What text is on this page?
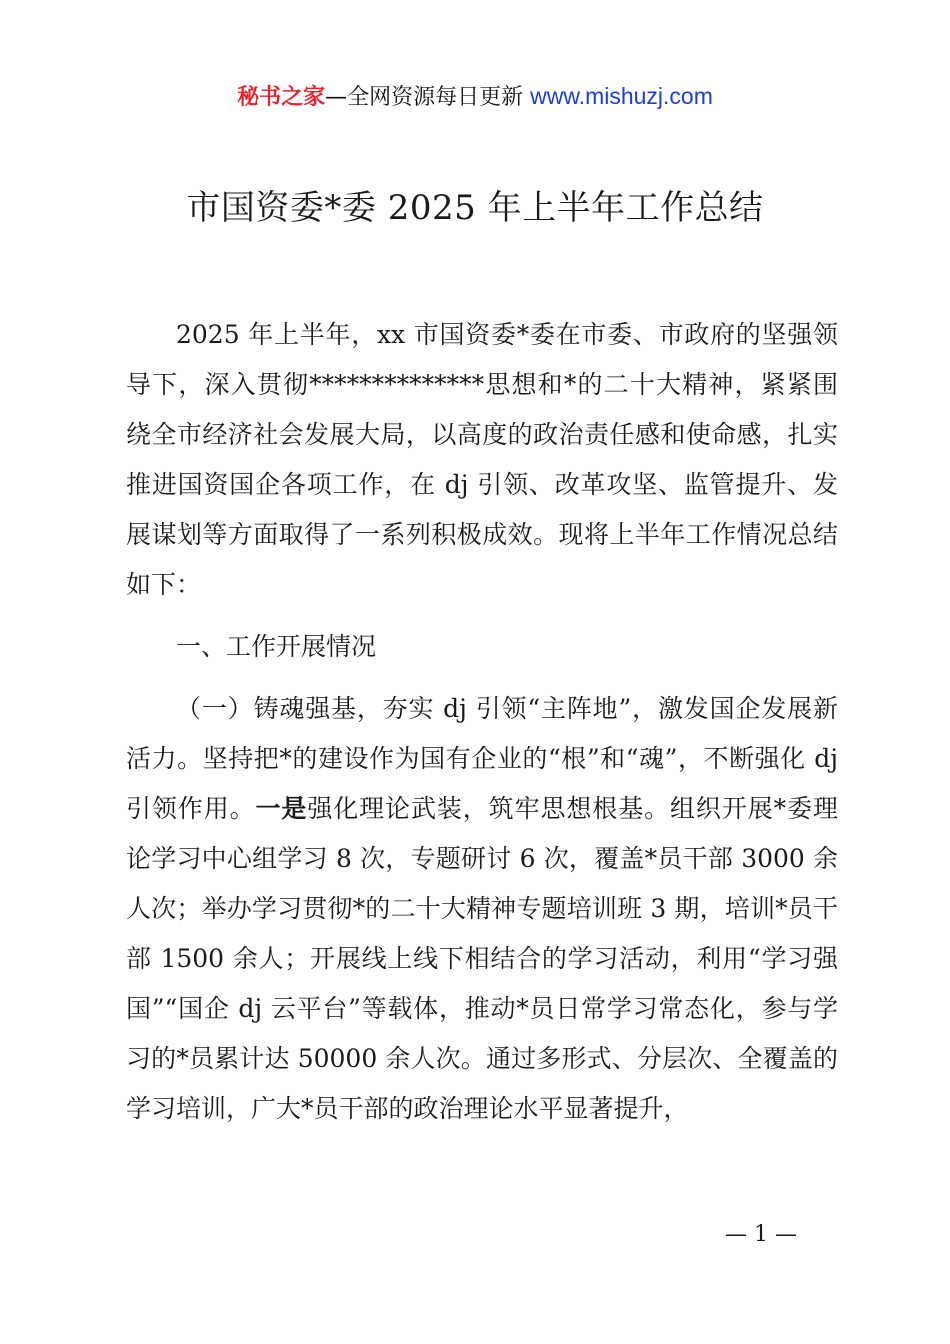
秘书之家—全网资源每日更新 www.mishuzj.com
市国资委*委 2025 年上半年工作总结

2025 年上半年，xx 市国资委*委在市委、市政府的坚强领导下，深入贯彻**************思想和*的二十大精神，紧紧围绕全市经济社会发展大局，以高度的政治责任感和使命感，扎实推进国资国企各项工作，在 dj 引领、改革攻坚、监管提升、发展谋划等方面取得了一系列积极成效。现将上半年工作情况总结如下：

一、工作开展情况

（一）铸魂强基，夯实 dj 引领“主阵地”，激发国企发展新活力。坚持把*的建设作为国有企业的“根”和“魂”，不断强化 dj 引领作用。一是强化理论武装，筑牢思想根基。组织开展*委理论学习中心组学习 8 次，专题研讨 6 次，覆盖*员干部 3000 余人次；举办学习贯彻*的二十大精神专题培训班 3 期，培训*员干部 1500 余人；开展线上线下相结合的学习活动，利用“学习强国”“国企 dj 云平台”等载体，推动*员日常学习常态化，参与学习的*员累计达 50000 余人次。通过多形式、分层次、全覆盖的学习培训，广大*员干部的政治理论水平显著提升，

— 1 —
